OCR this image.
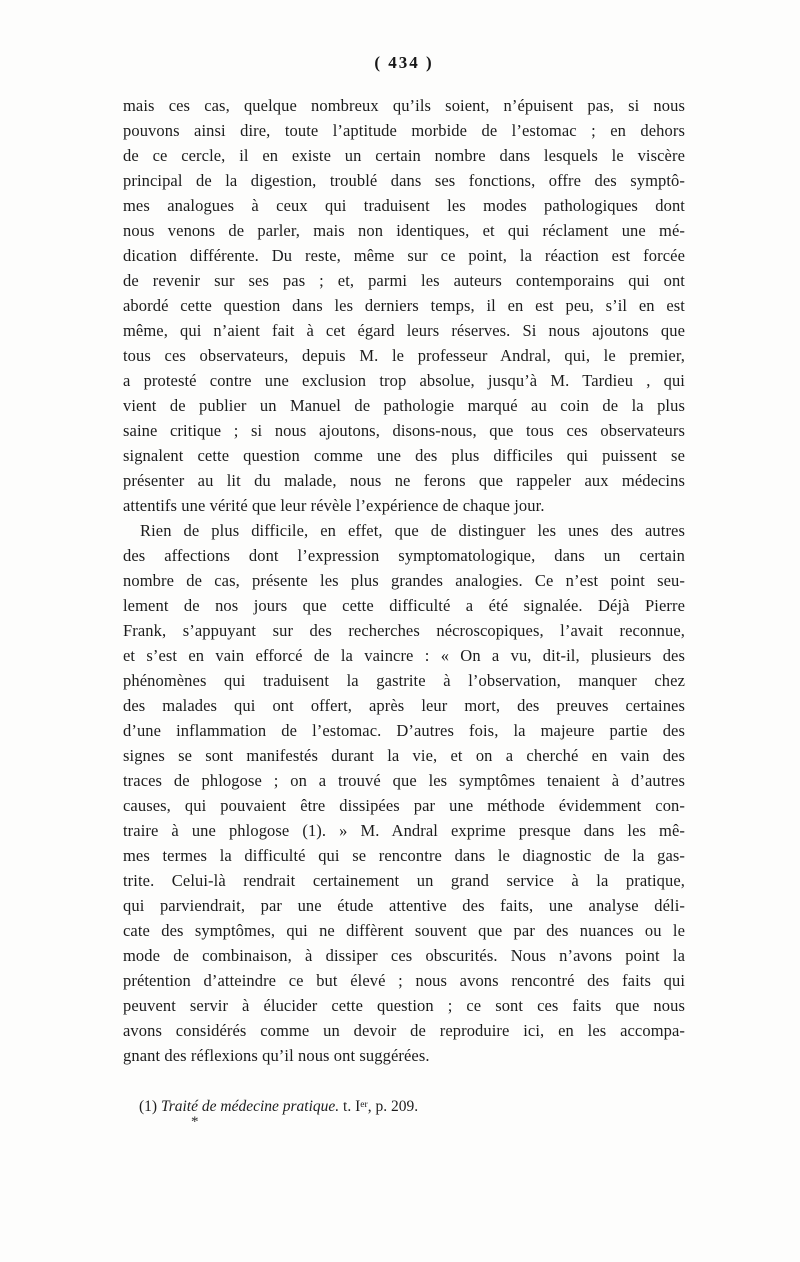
( 434 )
mais ces cas, quelque nombreux qu’ils soient, n’épuisent pas, si nous
pouvons ainsi dire, toute l’aptitude morbide de l’estomac ; en dehors
de ce cercle, il en existe un certain nombre dans lesquels le viscère
principal de la digestion, troublé dans ses fonctions, offre des symptô-
mes analogues à ceux qui traduisent les modes pathologiques dont
nous venons de parler, mais non identiques, et qui réclament une mé-
dication différente. Du reste, même sur ce point, la réaction est forcée
de revenir sur ses pas ; et, parmi les auteurs contemporains qui ont
abordé cette question dans les derniers temps, il en est peu, s’il en est
même, qui n’aient fait à cet égard leurs réserves. Si nous ajoutons que
tous ces observateurs, depuis M. le professeur Andral, qui, le premier,
a protesté contre une exclusion trop absolue, jusqu’à M. Tardieu , qui
vient de publier un Manuel de pathologie marqué au coin de la plus
saine critique ; si nous ajoutons, disons-nous, que tous ces observateurs
signalent cette question comme une des plus difficiles qui puissent se
présenter au lit du malade, nous ne ferons que rappeler aux médecins
attentifs une vérité que leur révèle l’expérience de chaque jour.
Rien de plus difficile, en effet, que de distinguer les unes des autres
des affections dont l’expression symptomatologique, dans un certain
nombre de cas, présente les plus grandes analogies. Ce n’est point seu-
lement de nos jours que cette difficulté a été signalée. Déjà Pierre
Frank, s’appuyant sur des recherches nécroscopiques, l’avait reconnue,
et s’est en vain efforcé de la vaincre : « On a vu, dit-il, plusieurs des
phénomènes qui traduisent la gastrite à l’observation, manquer chez
des malades qui ont offert, après leur mort, des preuves certaines
d’une inflammation de l’estomac. D’autres fois, la majeure partie des
signes se sont manifestés durant la vie, et on a cherché en vain des
traces de phlogose ; on a trouvé que les symptômes tenaient à d’autres
causes, qui pouvaient être dissipées par une méthode évidemment con-
traire à une phlogose (1). » M. Andral exprime presque dans les mê-
mes termes la difficulté qui se rencontre dans le diagnostic de la gas-
trite. Celui-là rendrait certainement un grand service à la pratique,
qui parviendrait, par une étude attentive des faits, une analyse déli-
cate des symptômes, qui ne diffèrent souvent que par des nuances ou le
mode de combinaison, à dissiper ces obscurités. Nous n’avons point la
prétention d’atteindre ce but élevé ; nous avons rencontré des faits qui
peuvent servir à élucider cette question ; ce sont ces faits que nous
avons considérés comme un devoir de reproduire ici, en les accompa-
gnant des réflexions qu’il nous ont suggérées.
(1) Traité de médecine pratique. t. Ier, p. 209.
*
